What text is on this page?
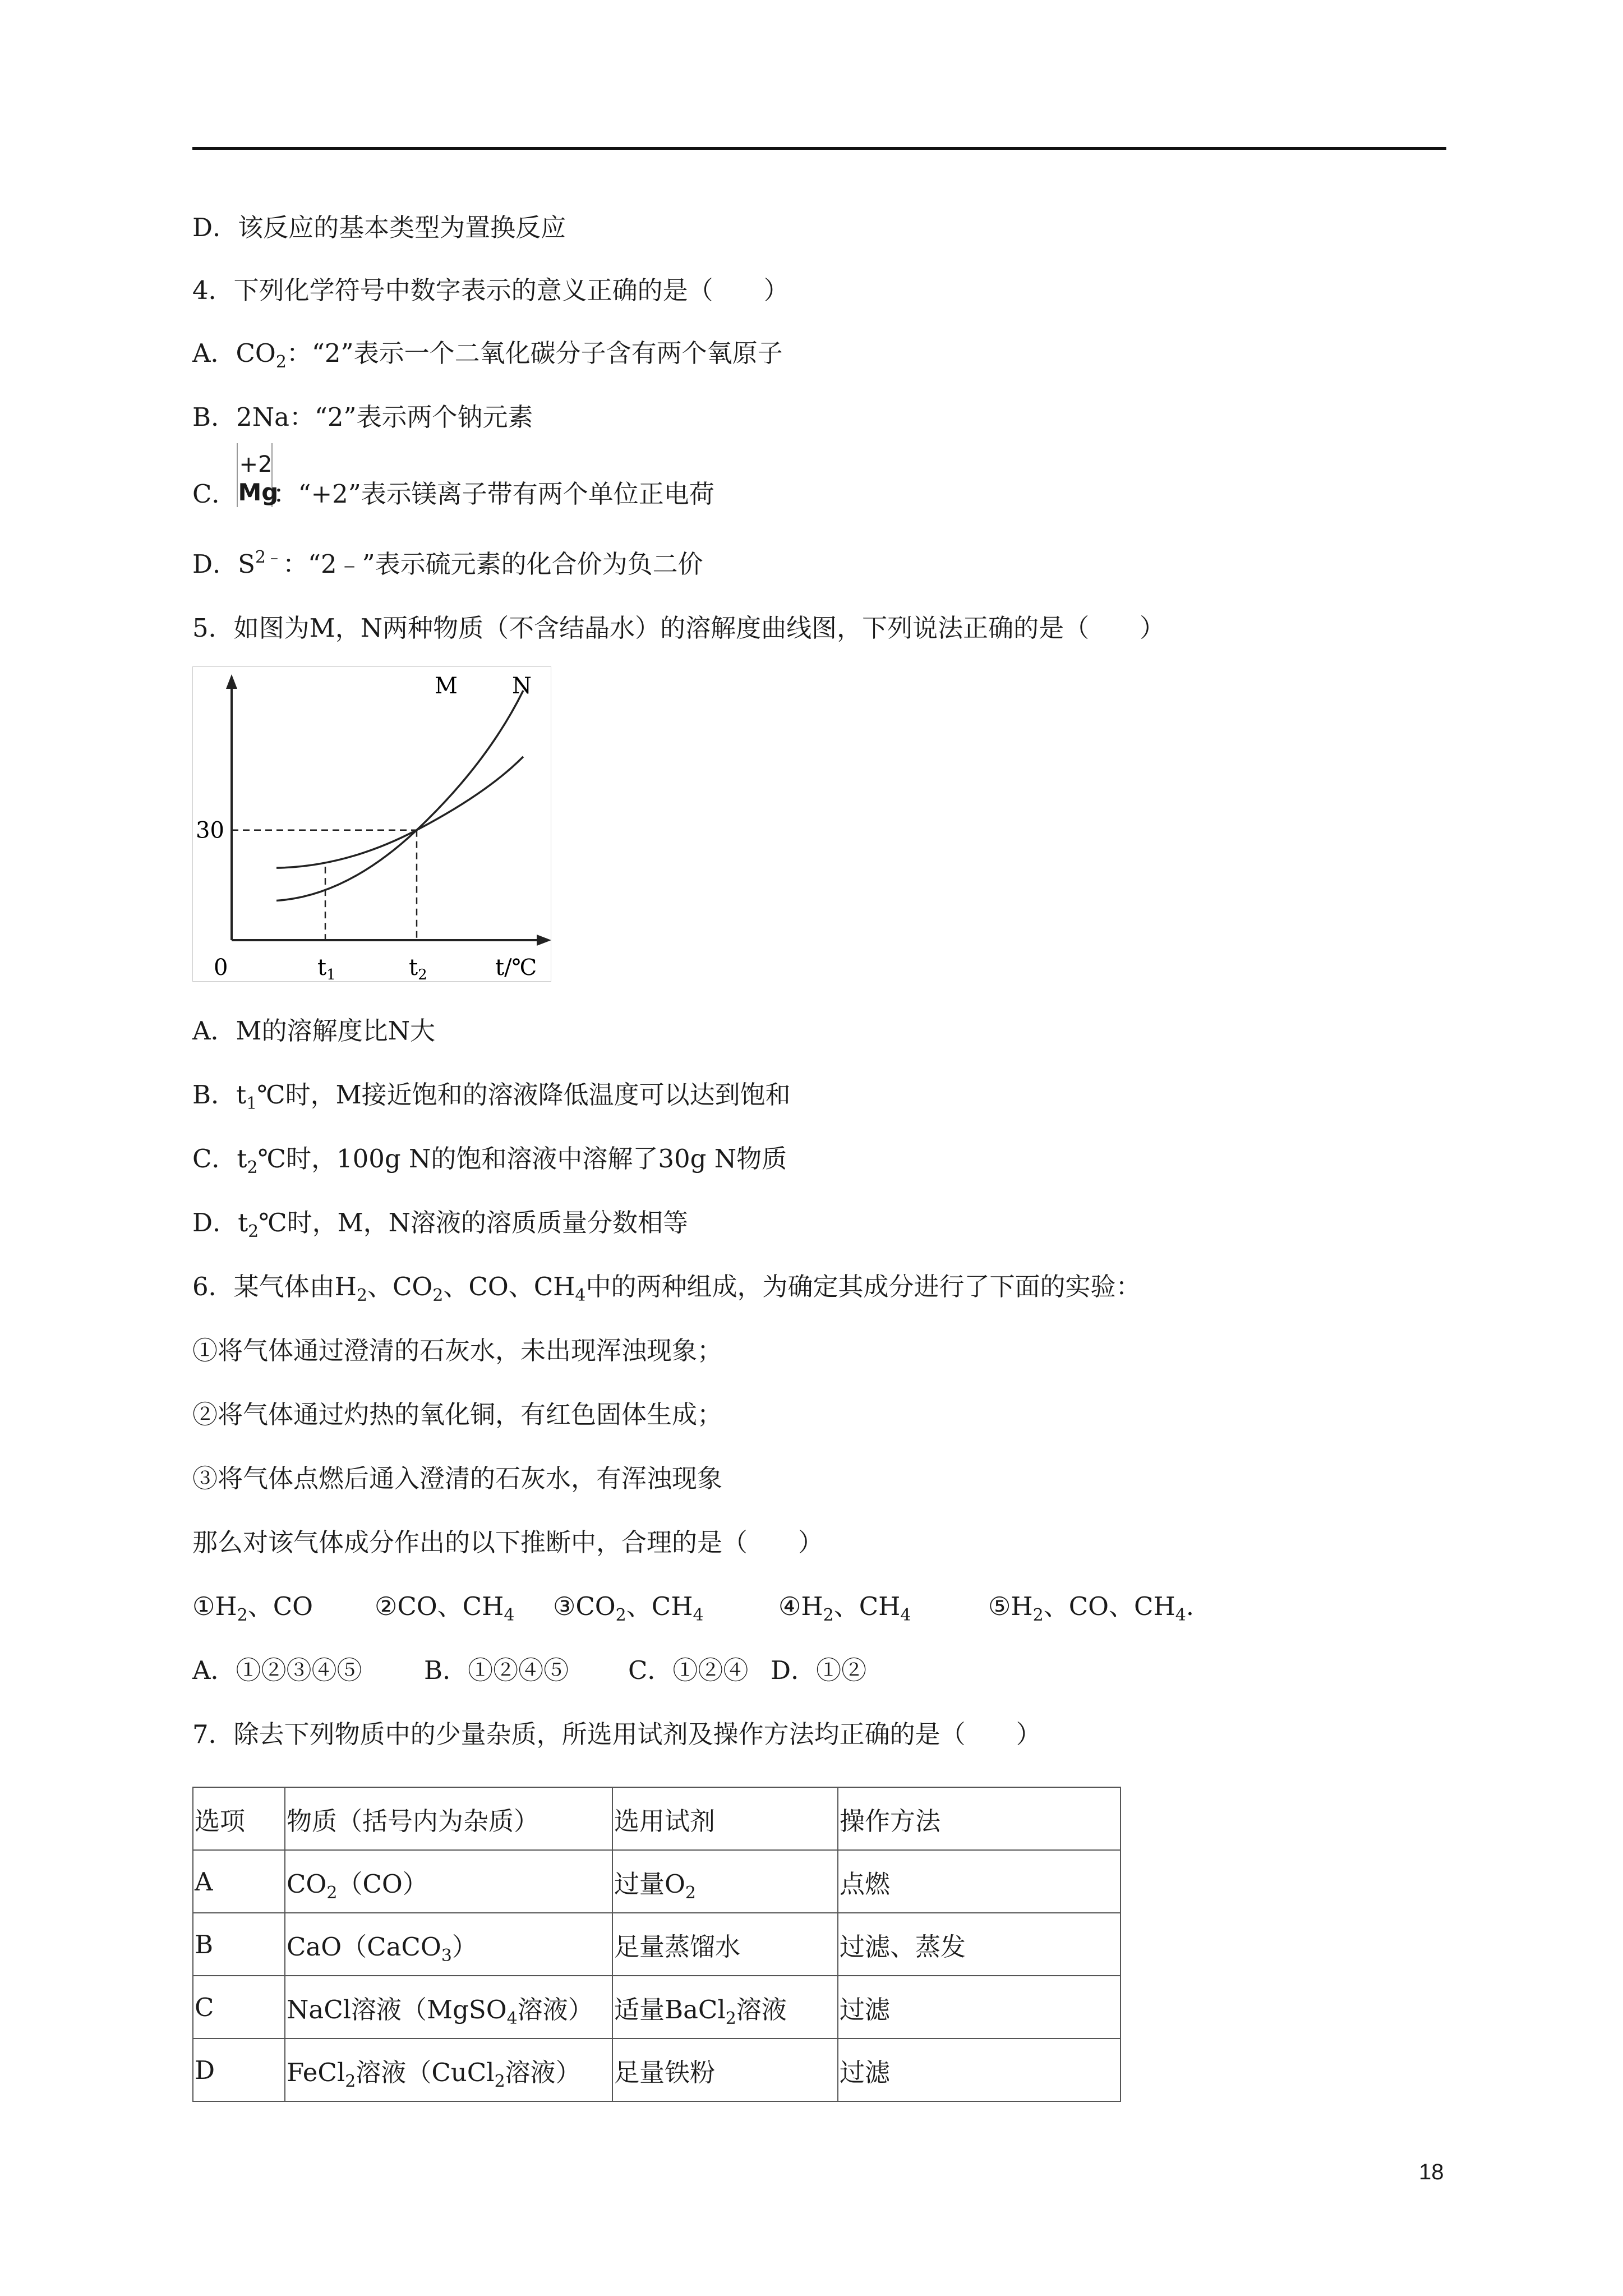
D．该反应的基本类型为置换反应
4．下列化学符号中数字表示的意义正确的是（　　）
A．$CO_2$：“2”表示一个二氧化碳分子含有两个氧原子
B．2Na：“2”表示两个钠元素
C．
+2
Mg
：“+2”表示镁离子带有两个单位正电荷
D．$S^{2﹣}$：“2﹣”表示硫元素的化合价为负二价
5．如图为M，N两种物质（不含结晶水）的溶解度曲线图，下列说法正确的是（　　）
30
0	$t_1$	$t_2$	t/℃
M N
A．M的溶解度比N大
B．$t_1℃$时，M接近饱和的溶液降低温度可以达到饱和
C．$t_2℃$时，100g N的饱和溶液中溶解了30g N物质
D．$t_2℃$时，M，N溶液的溶质质量分数相等
6．某气体由$H_2$、$CO_2$、CO、$CH_4$中的两种组成，为确定其成分进行了下面的实验：
①将气体通过澄清的石灰水，未出现浑浊现象；
②将气体通过灼热的氧化铜，有红色固体生成；
③将气体点燃后通入澄清的石灰水，有浑浊现象
那么对该气体成分作出的以下推断中，合理的是（　　）
$①H_2$、CO ②CO、$CH_4$ $③CO_2$、$CH_4$	$④H_2$、$CH_4$	$⑤H_2$、CO、$CH_4$.
A．①②③④⑤ B．①②④⑤ C．①②④ D．①②
7．除去下列物质中的少量杂质，所选用试剂及操作方法均正确的是（　　）
选项	物质（括号内为杂质）	选用试剂	操作方法
A	$CO_2(CO)$	过量$O_2$	点燃
B	CaO（CaCO$_3$）	足量蒸馏水	过滤、蒸发
C	NaCl溶液（MgSO$_4$溶液）	适量BaCl$_2$溶液	过滤
D	FeCl$_2$溶液（CuCl$_2$溶液）	足量铁粉	过滤
18
